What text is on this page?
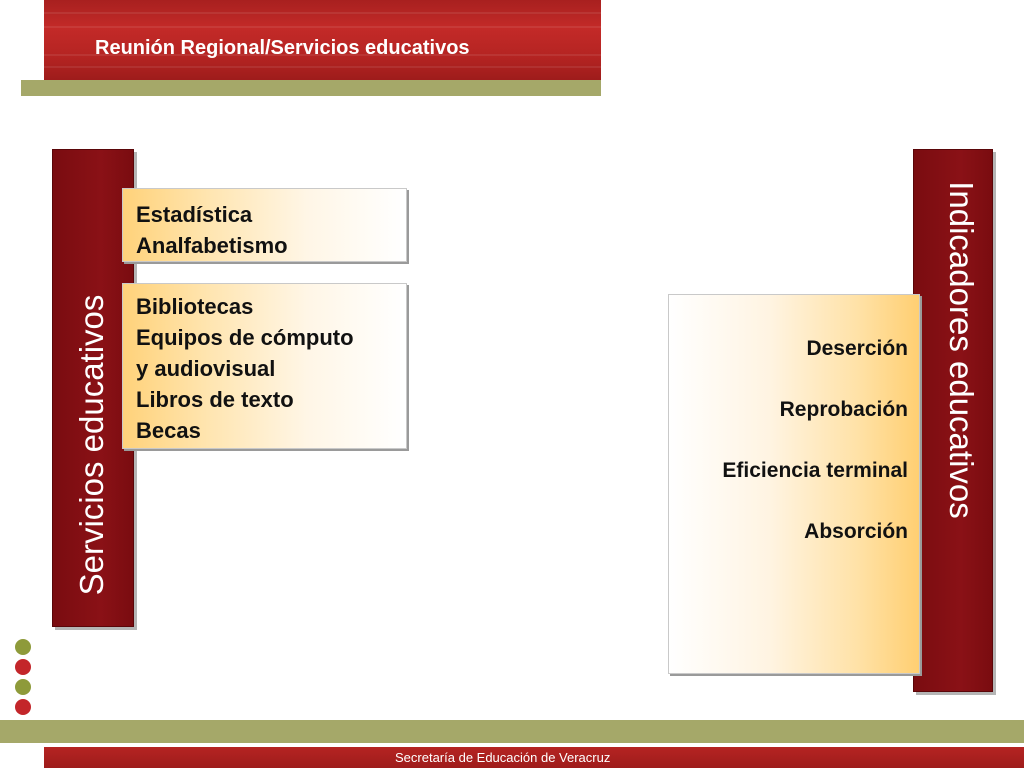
Reunión Regional/Servicios educativos
Servicios educativos
Estadística
Analfabetismo
Bibliotecas
Equipos de cómputo
y audiovisual
Libros de texto
Becas	Indicadores educativos
Deserción
Reprobación
Eficiencia terminal
Absorción
Secretaría de Educación de Veracruz
